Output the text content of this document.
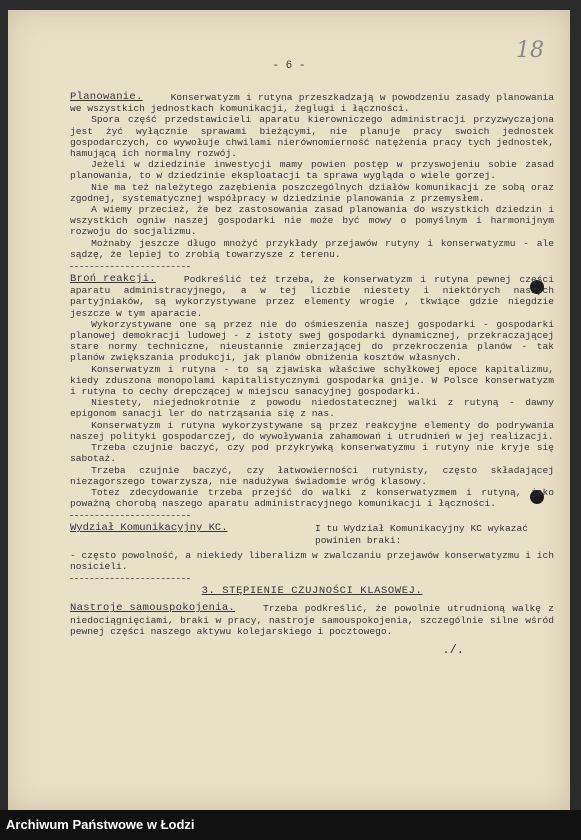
- 6 -
18
Planowanie.	Konserwatyzm i rutyna przeszkadzają w powodzeniu zasady planowania we wszystkich jednostkach komunikacji, żeglugi i łączności.

Spora część przedstawicieli aparatu kierowniczego administracji przyzwyczajona jest żyć wyłącznie sprawami bieżącymi, nie planuje pracy swoich jednostek gospodarczych, co wywołuje chwilami nierównomierność natężenia pracy tych jednostek, hamującą ich normalny rozwój.

Jeżeli w dziedzinie inwestycji mamy powien postęp w przyswojeniu sobie zasad planowania, to w dziedzinie eksploatacji ta sprawa wygląda o wiele gorzej.

Nie ma też należytego zazębienia poszczególnych działów komunikacji ze sobą oraz zgodnej, systematycznej współpracy w dziedzinie planowania z przemysłem.

A wiemy przecież, że bez zastosowania zasad planowania do wszystkich dziedzin i wszystkich ogniw naszej gospodarki nie może być mowy o pomyślnym i harmonijnym rozwoju do socjalizmu.

Możnaby jeszcze długo mnożyć przykłady przejawów rutyny i konserwatyzmu - ale sądzę, że lepiej to zrobią towarzysze z terenu.

Broń reakcji.	Podkreślić też trzeba, że konserwatyzm i rutyna pewnej części aparatu administracyjnego, a w tej liczbie niestety i niektórych naszych partyjniaków, są wykorzystywane przez elementy wrogie , tkwiące gdzie niegdzie jeszcze w tym aparacie.

Wykorzystywane one są przez nie do ośmieszenia naszej gospodarki - gospodarki planowej demokracji ludowej - z istoty swej gospodarki dynamicznej, przekraczającej stare normy techniczne, nieustannie zmierzającej do przekroczenia planów - tak planów zwiększania produkcji, jak planów obniżenia kosztów własnych.

Konserwatyzm i rutyna - to są zjawiska właściwe schyłkowej epoce kapitalizmu, kiedy zduszona monopolami kapitalistycznymi gospodarka gnije. W Polsce konserwatyzm i rutyna to cechy drepczącej w miejscu sanacyjnej gospodarki.

Niestety, niejednokrotnie z powodu niedostatecznej walki z rutyną - dawny epigonom sanacji ler do natrząsania się z nas.

Konserwatyzm i rutyna wykorzystywane są przez reakcyjne elementy do podrywania naszej polityki gospodarczej, do wywoływania zahamowań i utrudnień w jej realizacji.

Trzeba czujnie baczyć, czy pod przykrywką konserwatyzmu i rutyny nie kryje się sabotaż.

Trzeba czujnie baczyć, czy łatwowierności rutynisty, często składającej niezagorszego towarzysza, nie nadużywa świadomie wróg klasowy.

Totez zdecydowanie trzeba przejść do walki z konserwatyzmem i rutyną, jako poważną chorobą naszego aparatu administracyjnego komunikacji i łączności.

Wydział Komunikacyjny KC.	I tu Wydział Komunikacyjny KC wykazać powinien braki:

- często powolność, a niekiedy liberalizm w zwalczaniu przejawów konserwatyzmu i ich nosicieli.

3. STĘPIENIE CZUJNOŚCI KLASOWEJ.
Nastroje samouspokojenia.	Trzeba podkreślić, że powolnie utrudnioną walkę z niedociągnięciami, braki w pracy, nastroje samouspokojenia, szczególnie silne wśród pewnej części naszego aktywu kolejarskiego i pocztowego.

./.
Archiwum Państwowe w Łodzi
